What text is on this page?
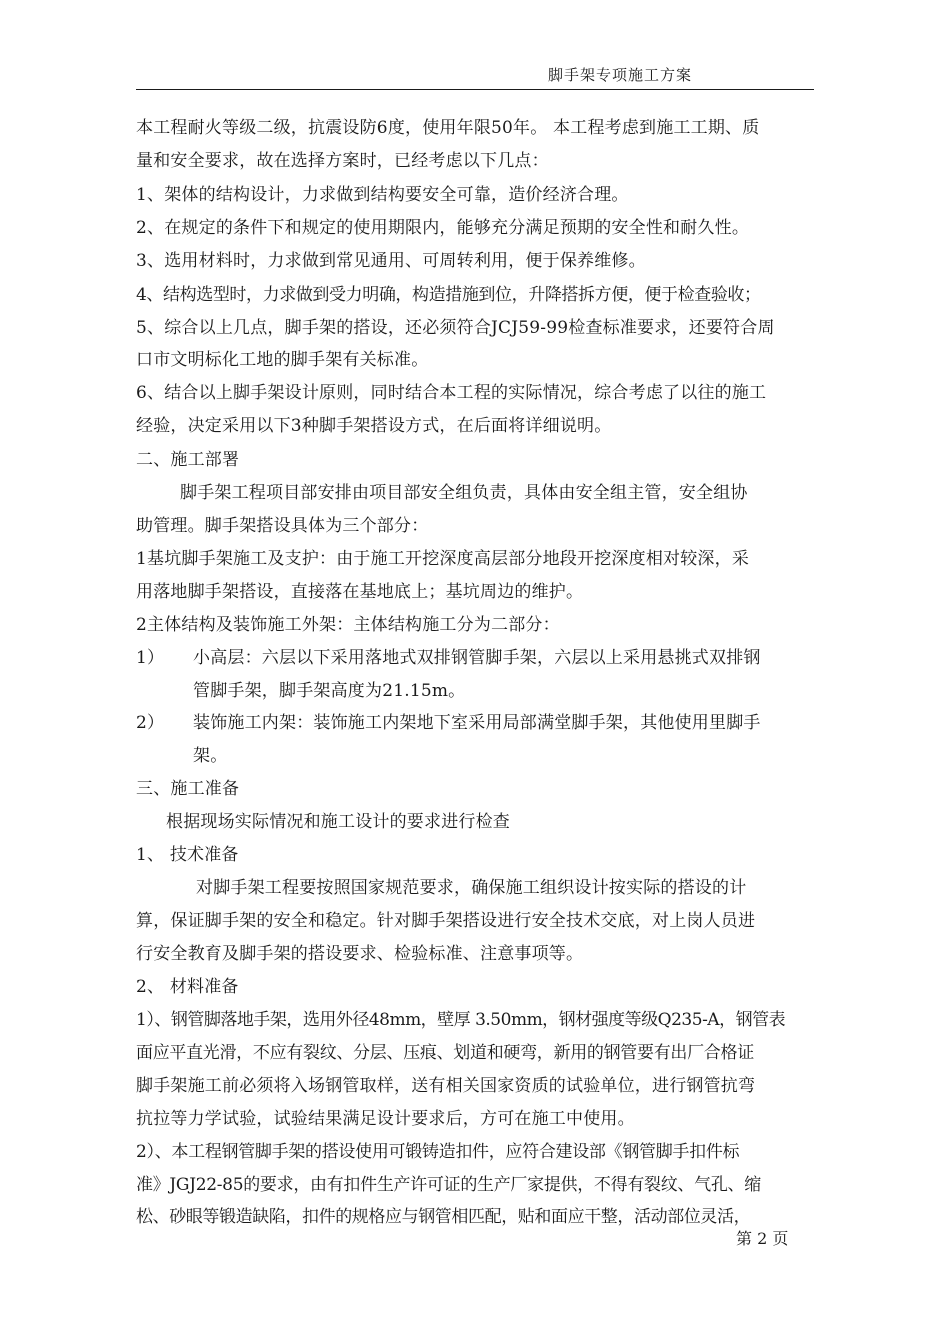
脚手架专项施工方案
本工程耐火等级二级，抗震设防6度，使用年限50年。 本工程考虑到施工工期、质
量和安全要求，故在选择方案时，已经考虑以下几点：
1、架体的结构设计，力求做到结构要安全可靠，造价经济合理。
2、在规定的条件下和规定的使用期限内，能够充分满足预期的安全性和耐久性。
3、选用材料时，力求做到常见通用、可周转利用，便于保养维修。
4、结构选型时，力求做到受力明确，构造措施到位，升降搭拆方便，便于检查验收；
5、综合以上几点，脚手架的搭设，还必须符合JCJ59-99检查标准要求，还要符合周
口市文明标化工地的脚手架有关标准。
6、结合以上脚手架设计原则，同时结合本工程的实际情况，综合考虑了以往的施工
经验，决定采用以下3种脚手架搭设方式，在后面将详细说明。
二、施工部署
脚手架工程项目部安排由项目部安全组负责，具体由安全组主管，安全组协
助管理。脚手架搭设具体为三个部分：
1基坑脚手架施工及支护：由于施工开挖深度高层部分地段开挖深度相对较深，采
用落地脚手架搭设，直接落在基地底上；基坑周边的维护。
2主体结构及装饰施工外架：主体结构施工分为二部分：
1） 小高层：六层以下采用落地式双排钢管脚手架，六层以上采用悬挑式双排钢
管脚手架，脚手架高度为21.15m。
2） 装饰施工内架：装饰施工内架地下室采用局部满堂脚手架，其他使用里脚手
架。
三、施工准备
根据现场实际情况和施工设计的要求进行检查
1、 技术准备
对脚手架工程要按照国家规范要求，确保施工组织设计按实际的搭设的计
算，保证脚手架的安全和稳定。针对脚手架搭设进行安全技术交底，对上岗人员进
行安全教育及脚手架的搭设要求、检验标准、注意事项等。
2、 材料准备
1）、钢管脚落地手架，选用外径48mm，壁厚 3.50mm，钢材强度等级Q235-A，钢管表
面应平直光滑，不应有裂纹、分层、压痕、划道和硬弯，新用的钢管要有出厂合格证
脚手架施工前必须将入场钢管取样，送有相关国家资质的试验单位，进行钢管抗弯
抗拉等力学试验，试验结果满足设计要求后，方可在施工中使用。
2）、本工程钢管脚手架的搭设使用可锻铸造扣件，应符合建设部《钢管脚手扣件标
准》JGJ22-85的要求，由有扣件生产许可证的生产厂家提供，不得有裂纹、气孔、缩
松、砂眼等锻造缺陷，扣件的规格应与钢管相匹配，贴和面应干整，活动部位灵活，
第 2 页
